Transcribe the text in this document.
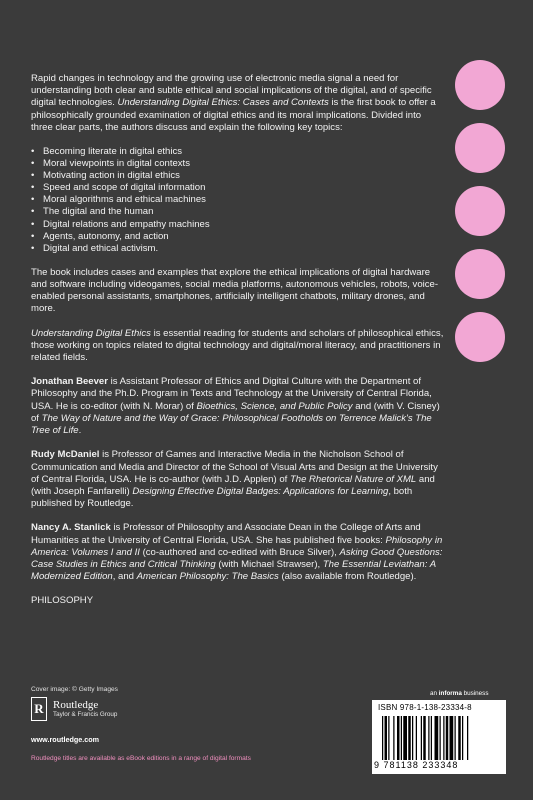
Rapid changes in technology and the growing use of electronic media signal a need for understanding both clear and subtle ethical and social implications of the digital, and of specific digital technologies. Understanding Digital Ethics: Cases and Contexts is the first book to offer a philosophically grounded examination of digital ethics and its moral implications. Divided into three clear parts, the authors discuss and explain the following key topics:

• Becoming literate in digital ethics
• Moral viewpoints in digital contexts
• Motivating action in digital ethics
• Speed and scope of digital information
• Moral algorithms and ethical machines
• The digital and the human
• Digital relations and empathy machines
• Agents, autonomy, and action
• Digital and ethical activism.

The book includes cases and examples that explore the ethical implications of digital hardware and software including videogames, social media platforms, autonomous vehicles, robots, voice-enabled personal assistants, smartphones, artificially intelligent chatbots, military drones, and more.

Understanding Digital Ethics is essential reading for students and scholars of philosophical ethics, those working on topics related to digital technology and digital/moral literacy, and practitioners in related fields.

Jonathan Beever is Assistant Professor of Ethics and Digital Culture with the Department of Philosophy and the Ph.D. Program in Texts and Technology at the University of Central Florida, USA. He is co-editor (with N. Morar) of Bioethics, Science, and Public Policy and (with V. Cisney) of The Way of Nature and the Way of Grace: Philosophical Footholds on Terrence Malick's The Tree of Life.

Rudy McDaniel is Professor of Games and Interactive Media in the Nicholson School of Communication and Media and Director of the School of Visual Arts and Design at the University of Central Florida, USA. He is co-author (with J.D. Applen) of The Rhetorical Nature of XML and (with Joseph Fanfarelli) Designing Effective Digital Badges: Applications for Learning, both published by Routledge.

Nancy A. Stanlick is Professor of Philosophy and Associate Dean in the College of Arts and Humanities at the University of Central Florida, USA. She has published five books: Philosophy in America: Volumes I and II (co-authored and co-edited with Bruce Silver), Asking Good Questions: Case Studies in Ethics and Critical Thinking (with Michael Strawser), The Essential Leviathan: A Modernized Edition, and American Philosophy: The Basics (also available from Routledge).

PHILOSOPHY

Cover image: © Getty Images
R Routledge
Taylor & Francis Group
www.routledge.com
Routledge titles are available as eBook editions in a range of digital formats
an informa business
ISBN 978-1-138-23334-8
9 781138 233348
